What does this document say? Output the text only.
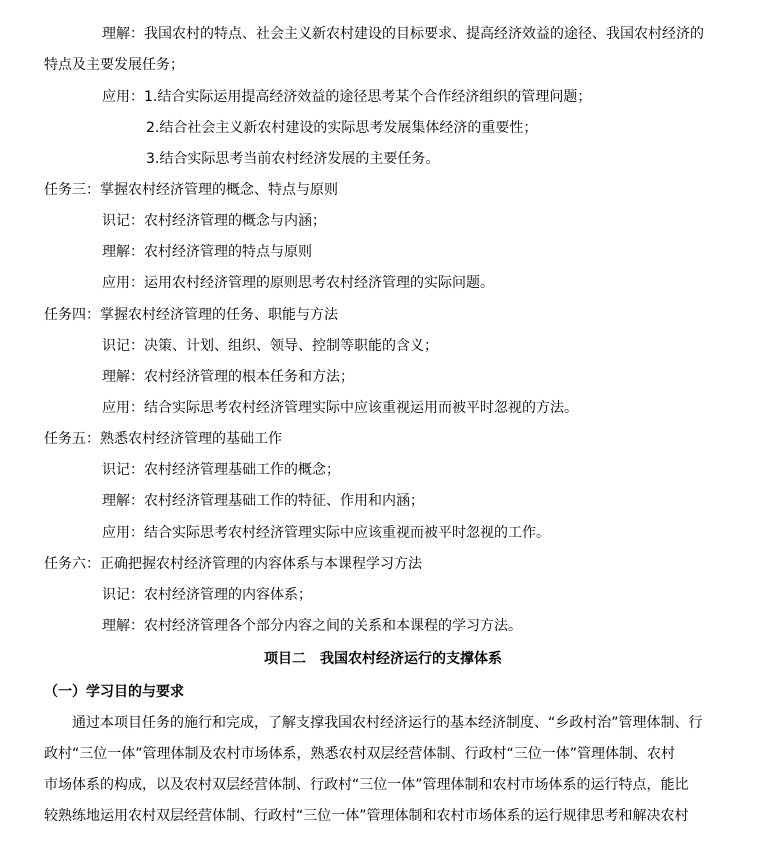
理解：我国农村的特点、社会主义新农村建设的目标要求、提高经济效益的途径、我国农村经济的
特点及主要发展任务；
应用：1.结合实际运用提高经济效益的途径思考某个合作经济组织的管理问题；
2.结合社会主义新农村建设的实际思考发展集体经济的重要性；
3.结合实际思考当前农村经济发展的主要任务。
任务三：掌握农村经济管理的概念、特点与原则
识记：农村经济管理的概念与内涵；
理解：农村经济管理的特点与原则
应用：运用农村经济管理的原则思考农村经济管理的实际问题。
任务四：掌握农村经济管理的任务、职能与方法
识记：决策、计划、组织、领导、控制等职能的含义；
理解：农村经济管理的根本任务和方法；
应用：结合实际思考农村经济管理实际中应该重视运用而被平时忽视的方法。
任务五：熟悉农村经济管理的基础工作
识记：农村经济管理基础工作的概念；
理解：农村经济管理基础工作的特征、作用和内涵；
应用：结合实际思考农村经济管理实际中应该重视而被平时忽视的工作。
任务六：正确把握农村经济管理的内容体系与本课程学习方法
识记：农村经济管理的内容体系；
理解：农村经济管理各个部分内容之间的关系和本课程的学习方法。
项目二　我国农村经济运行的支撑体系
（一）学习目的与要求
通过本项目任务的施行和完成，了解支撑我国农村经济运行的基本经济制度、“乡政村治”管理体制、行
政村“三位一体”管理体制及农村市场体系，熟悉农村双层经营体制、行政村“三位一体”管理体制、农村
市场体系的构成，以及农村双层经营体制、行政村“三位一体”管理体制和农村市场体系的运行特点，能比
较熟练地运用农村双层经营体制、行政村“三位一体”管理体制和农村市场体系的运行规律思考和解决农村
